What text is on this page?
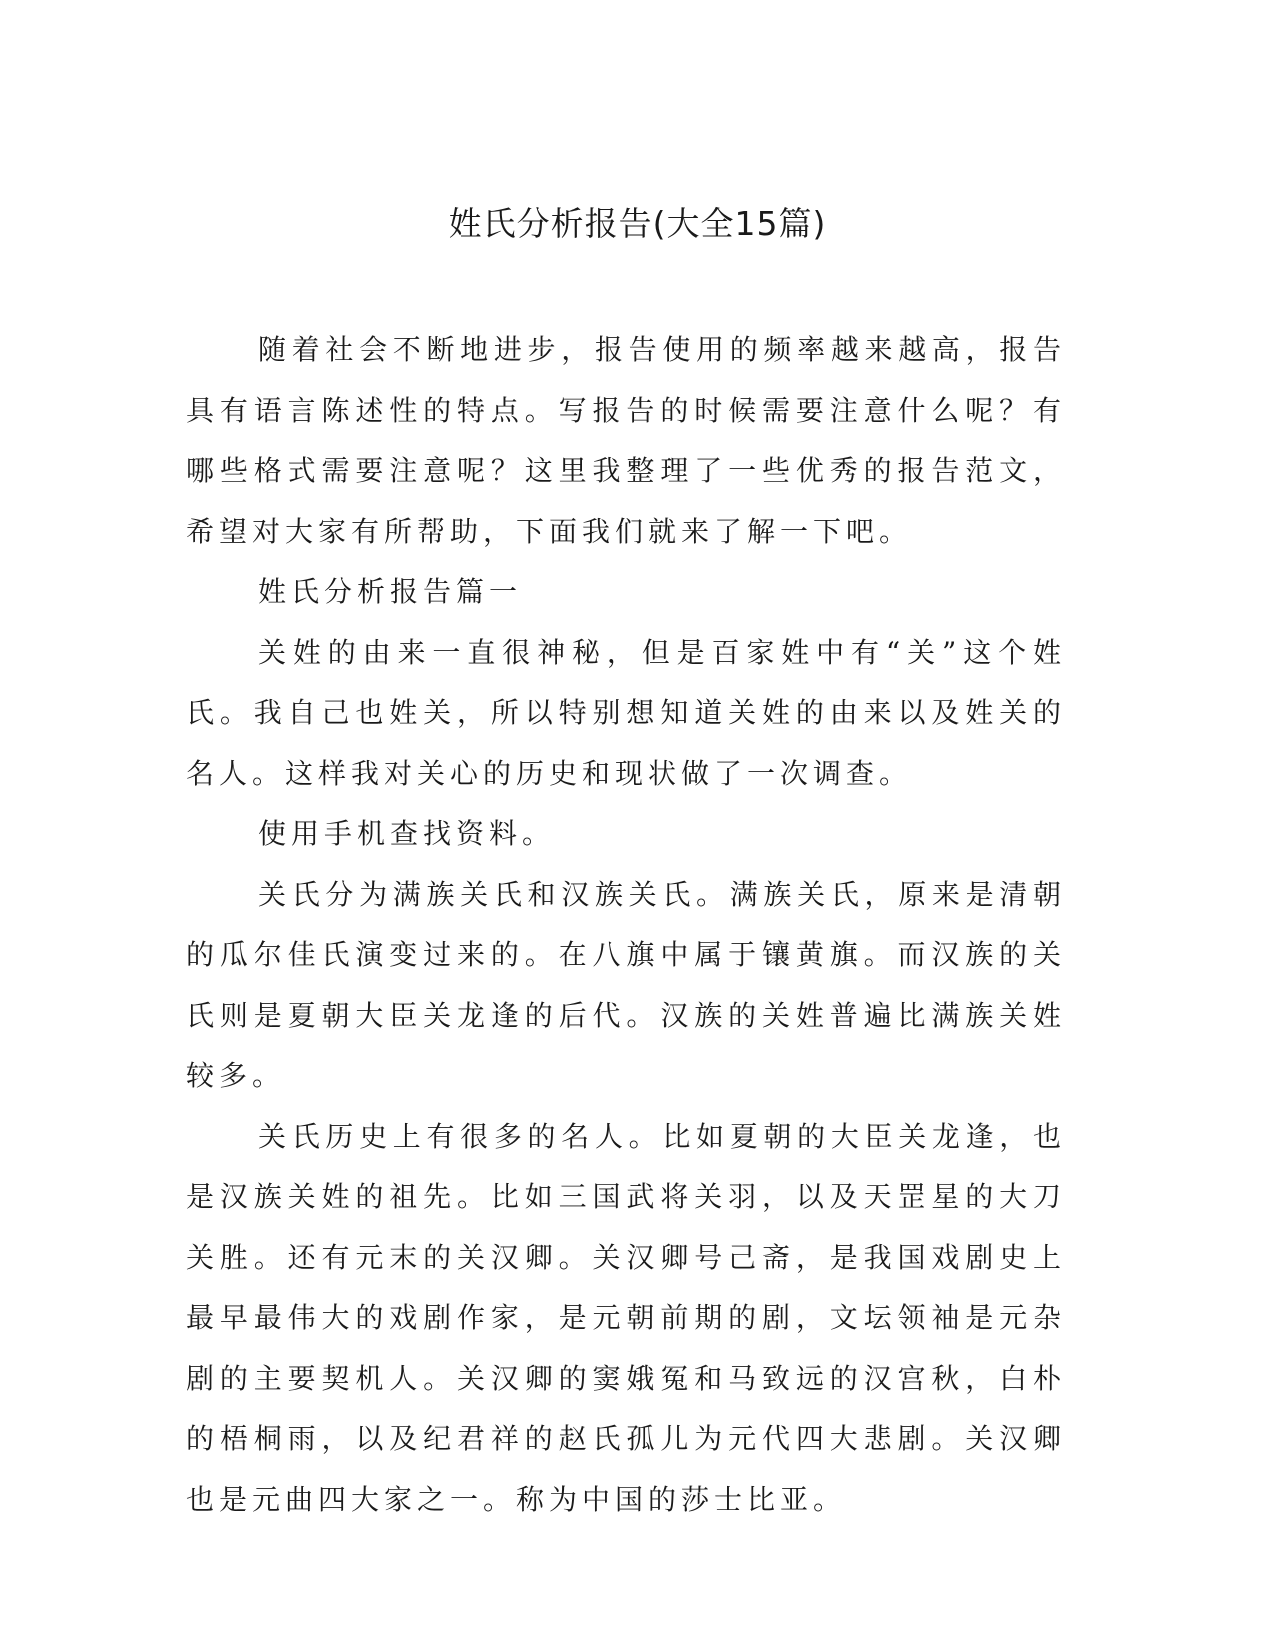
姓氏分析报告(大全15篇)

随着社会不断地进步，报告使用的频率越来越高，报告具有语言陈述性的特点。写报告的时候需要注意什么呢？有哪些格式需要注意呢？这里我整理了一些优秀的报告范文，希望对大家有所帮助，下面我们就来了解一下吧。

姓氏分析报告篇一

关姓的由来一直很神秘，但是百家姓中有“关”这个姓氏。我自己也姓关，所以特别想知道关姓的由来以及姓关的名人。这样我对关心的历史和现状做了一次调查。

使用手机查找资料。

关氏分为满族关氏和汉族关氏。满族关氏，原来是清朝的瓜尔佳氏演变过来的。在八旗中属于镶黄旗。而汉族的关氏则是夏朝大臣关龙逢的后代。汉族的关姓普遍比满族关姓较多。

关氏历史上有很多的名人。比如夏朝的大臣关龙逢，也是汉族关姓的祖先。比如三国武将关羽，以及天罡星的大刀关胜。还有元末的关汉卿。关汉卿号己斋，是我国戏剧史上最早最伟大的戏剧作家，是元朝前期的剧，文坛领袖是元杂剧的主要契机人。关汉卿的窦娥冤和马致远的汉宫秋，白朴的梧桐雨，以及纪君祥的赵氏孤儿为元代四大悲剧。关汉卿也是元曲四大家之一。称为中国的莎士比亚。
